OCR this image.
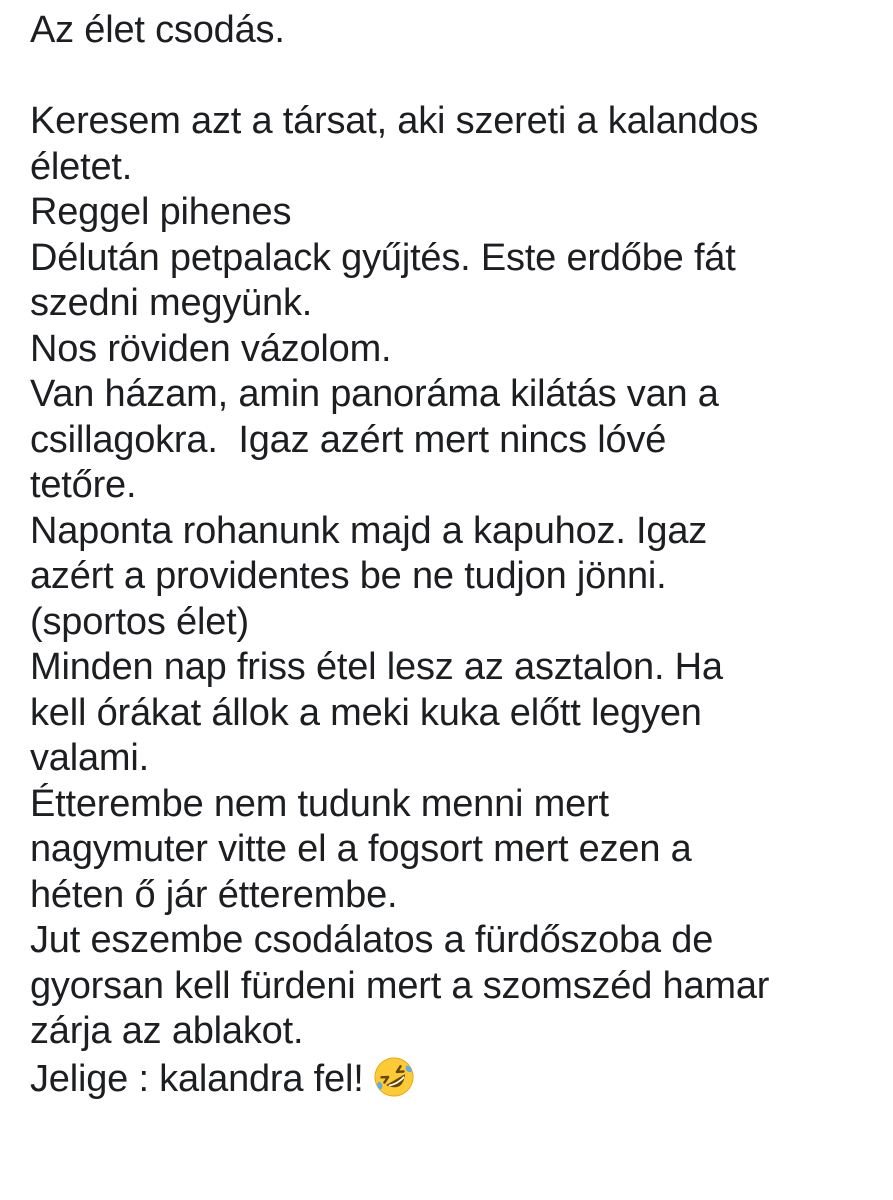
Az élet csodás.
Keresem azt a társat, aki szereti a kalandos
életet.
Reggel pihenes
Délután petpalack gyűjtés. Este erdőbe fát
szedni megyünk.
Nos röviden vázolom.
Van házam, amin panoráma kilátás van a
csillagokra.  Igaz azért mert nincs lóvé
tetőre.
Naponta rohanunk majd a kapuhoz. Igaz
azért a providentes be ne tudjon jönni.
(sportos élet)
Minden nap friss étel lesz az asztalon. Ha
kell órákat állok a meki kuka előtt legyen
valami.
Étterembe nem tudunk menni mert
nagymuter vitte el a fogsort mert ezen a
héten ő jár étterembe.
Jut eszembe csodálatos a fürdőszoba de
gyorsan kell fürdeni mert a szomszéd hamar
zárja az ablakot.
Jelige : kalandra fel!
